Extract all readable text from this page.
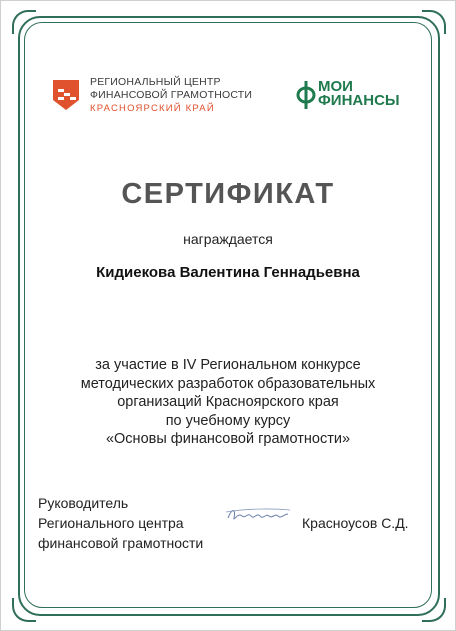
РЕГИОНАЛЬНЫЙ ЦЕНТР
ФИНАНСОВОЙ ГРАМОТНОСТИ
КРАСНОЯРСКИЙ КРАЙ
МОИ
ФИНАНСЫ
СЕРТИФИКАТ
награждается
Кидиекова Валентина Геннадьевна
за участие в IV Региональном конкурсе
методических разработок образовательных
организаций Красноярского края
по учебному курсу
«Основы финансовой грамотности»
Руководитель
Регионального центра
финансовой грамотности
Красноусов С.Д.
